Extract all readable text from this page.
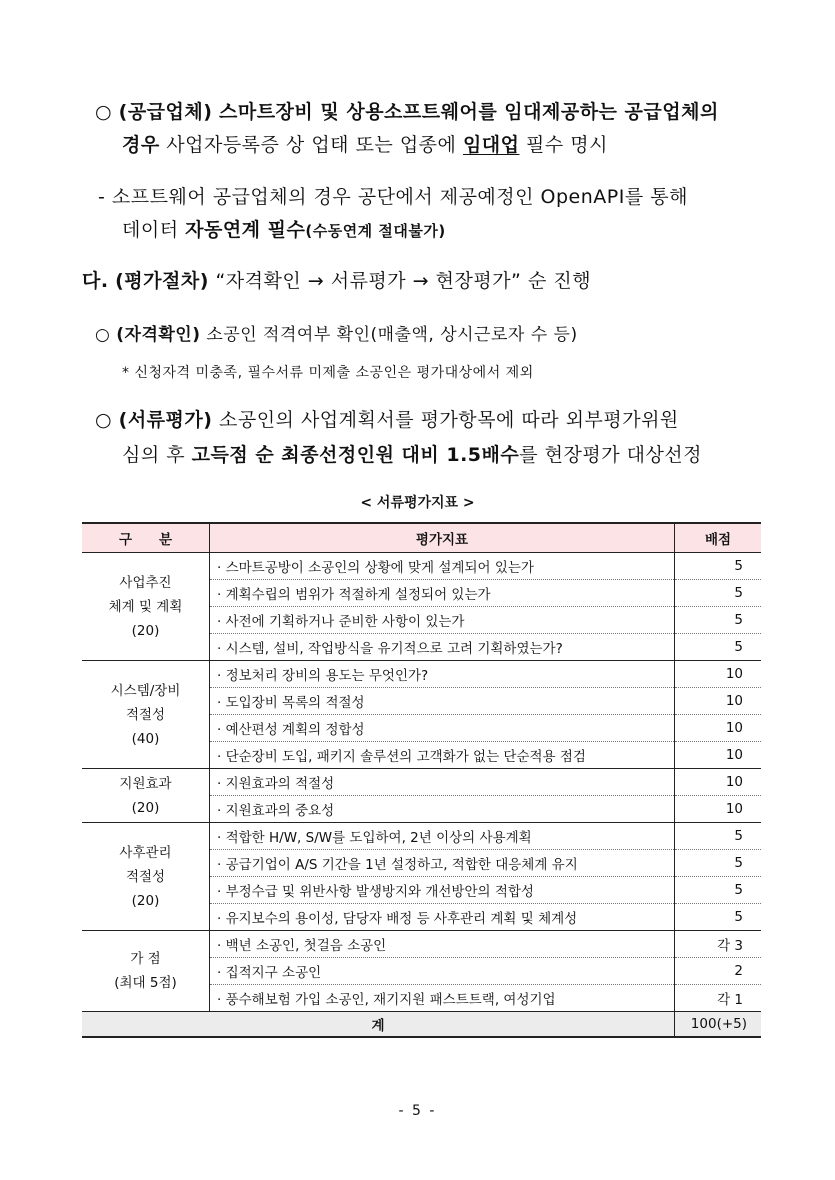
○ (공급업체) 스마트장비 및 상용소프트웨어를 임대제공하는 공급업체의
경우 사업자등록증 상 업태 또는 업종에 임대업 필수 명시
- 소프트웨어 공급업체의 경우 공단에서 제공예정인 OpenAPI를 통해
데이터 자동연계 필수(수동연계 절대불가)
다. (평가절차) “자격확인 → 서류평가 → 현장평가” 순 진행
○ (자격확인) 소공인 적격여부 확인(매출액, 상시근로자 수 등)
* 신청자격 미충족, 필수서류 미제출 소공인은 평가대상에서 제외
○ (서류평가) 소공인의 사업계획서를 평가항목에 따라 외부평가위원
심의 후 고득점 순 최종선정인원 대비 1.5배수를 현장평가 대상선정
< 서류평가지표 >
구　　분	평가지표	배점

사업추진
체계 및 계획
(20)	· 스마트공방이 소공인의 상황에 맞게 설계되어 있는가	5
	· 계획수립의 범위가 적절하게 설정되어 있는가	5
	· 사전에 기획하거나 준비한 사항이 있는가	5
	· 시스템, 설비, 작업방식을 유기적으로 고려 기획하였는가?	5

시스템/장비
적절성
(40)	· 정보처리 장비의 용도는 무엇인가?	10
	· 도입장비 목록의 적절성	10
	· 예산편성 계획의 정합성	10
	· 단순장비 도입, 패키지 솔루션의 고객화가 없는 단순적용 점검	10

지원효과
(20)	· 지원효과의 적절성	10
	· 지원효과의 중요성	10

사후관리
적절성
(20)	· 적합한 H/W, S/W를 도입하여, 2년 이상의 사용계획	5
	· 공급기업이 A/S 기간을 1년 설정하고, 적합한 대응체계 유지	5
	· 부정수급 및 위반사항 발생방지와 개선방안의 적합성	5
	· 유지보수의 용이성, 담당자 배정 등 사후관리 계획 및 체계성	5

가 점
(최대 5점)	· 백년 소공인, 첫걸음 소공인	각 3
	· 집적지구 소공인	2
	· 풍수해보험 가입 소공인, 재기지원 패스트트랙, 여성기업	각 1
계		100(+5)
- 5 -
